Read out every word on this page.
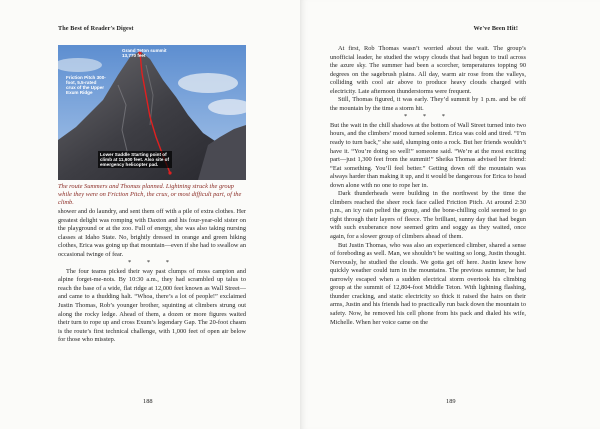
The Best of Reader's Digest
Grand Teton summit 13,770 feet
Friction Pitch 300-foot, 5.5-rated crux of the Upper Exum Ridge
Lower Saddle Starting point of climb at 11,600 feet. Also site of emergency helicopter pad.
The route Summers and Thomas planned. Lightning struck the group while they were on Friction Pitch, the crux, or most difficult part, of the climb.

shower and do laundry, and sent them off with a pile of extra clothes. Her greatest delight was romping with Daxton and his four-year-old sister on the playground or at the zoo. Full of energy, she was also taking nursing classes at Idaho State. No, brightly dressed in orange and green hiking clothes, Erica was going up that mountain—even if she had to swallow an occasional twinge of fear.

* * *

The four teams picked their way past clumps of moss campion and alpine forget-me-nots. By 10:30 a.m., they had scrambled up talus to reach the base of a wide, flat ridge at 12,000 feet known as Wall Street—and came to a thudding halt. “Whoa, there’s a lot of people!” exclaimed Justin Thomas, Rob’s younger brother, squinting at climbers strung out along the rocky ledge. Ahead of them, a dozen or more figures waited their turn to rope up and cross Exum’s legendary Gap. The 20-foot chasm is the route’s first technical challenge, with 1,000 feet of open air below for those who misstep.

188
We've Been Hit!

At first, Rob Thomas wasn’t worried about the wait. The group’s unofficial leader, he studied the wispy clouds that had begun to trail across the azure sky. The summer had been a scorcher, temperatures topping 90 degrees on the sagebrush plains. All day, warm air rose from the valleys, colliding with cool air above to produce heavy clouds charged with electricity. Late afternoon thunderstorms were frequent.

Still, Thomas figured, it was early. They’d summit by 1 p.m. and be off the mountain by the time a storm hit.

* * *

But the wait in the chill shadows at the bottom of Wall Street turned into two hours, and the climbers’ mood turned solemn. Erica was cold and tired. “I’m ready to turn back,” she said, slumping onto a rock. But her friends wouldn’t have it. “You’re doing so well!” someone said. “We’re at the most exciting part—just 1,300 feet from the summit!” Sheika Thomas advised her friend: “Eat something. You’ll feel better.” Getting down off the mountain was always harder than making it up, and it would be dangerous for Erica to head down alone with no one to rope her in.

Dark thunderheads were building in the northwest by the time the climbers reached the sheer rock face called Friction Pitch. At around 2:30 p.m., an icy rain pelted the group, and the bone-chilling cold seemed to go right through their layers of fleece. The brilliant, sunny day that had begun with such exuberance now seemed grim and soggy as they waited, once again, for a slower group of climbers ahead of them.

But Justin Thomas, who was also an experienced climber, shared a sense of foreboding as well. Man, we shouldn’t be waiting so long, Justin thought. Nervously, he studied the clouds. We gotta get off here. Justin knew how quickly weather could turn in the mountains. The previous summer, he had narrowly escaped when a sudden electrical storm overtook his climbing group at the summit of 12,804-foot Middle Teton. With lightning flashing, thunder cracking, and static electricity so thick it raised the hairs on their arms, Justin and his friends had to practically run back down the mountain to safety. Now, he removed his cell phone from his pack and dialed his wife, Michelle. When her voice came on the

189
